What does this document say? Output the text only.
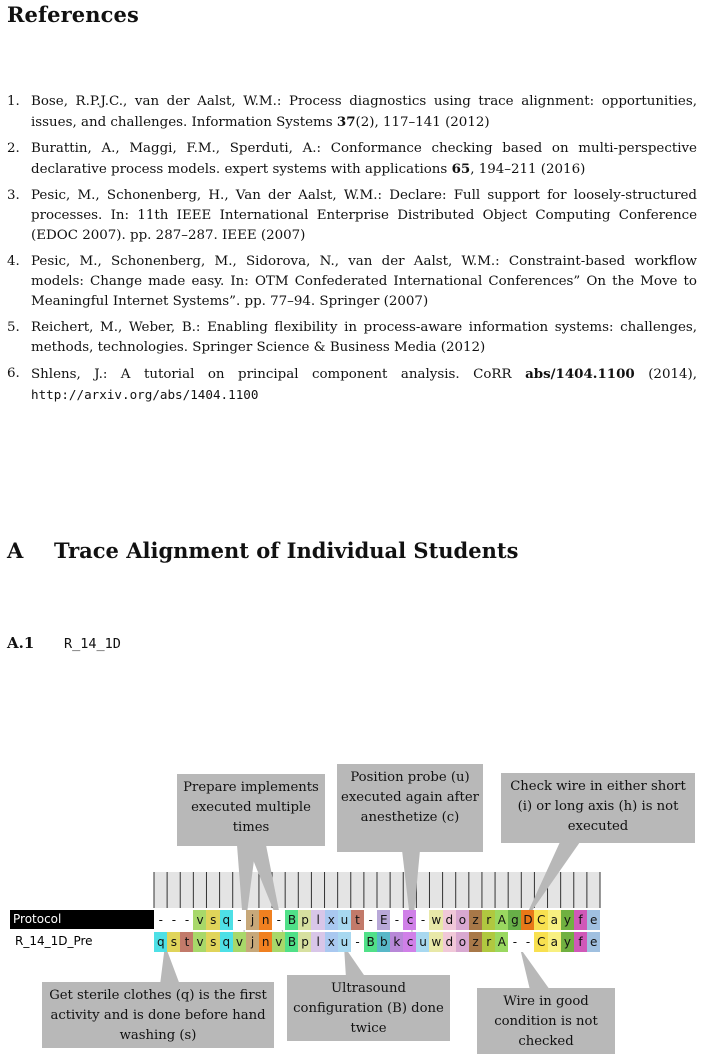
References
1. Bose, R.P.J.C., van der Aalst, W.M.: Process diagnostics using trace alignment: opportunities, issues, and challenges. Information Systems 37(2), 117–141 (2012)
2. Burattin, A., Maggi, F.M., Sperduti, A.: Conformance checking based on multi-perspective declarative process models. expert systems with applications 65, 194–211 (2016)
3. Pesic, M., Schonenberg, H., Van der Aalst, W.M.: Declare: Full support for loosely-structured processes. In: 11th IEEE International Enterprise Distributed Object Computing Conference (EDOC 2007). pp. 287–287. IEEE (2007)
4. Pesic, M., Schonenberg, M., Sidorova, N., van der Aalst, W.M.: Constraint-based workflow models: Change made easy. In: OTM Confederated International Conferences” On the Move to Meaningful Internet Systems”. pp. 77–94. Springer (2007)
5. Reichert, M., Weber, B.: Enabling flexibility in process-aware information systems: challenges, methods, technologies. Springer Science & Business Media (2012)
6. Shlens, J.: A tutorial on principal component analysis. CoRR abs/1404.1100 (2014), http://arxiv.org/abs/1404.1100
A Trace Alignment of Individual Students
A.1 R_14_1D
Protocol
R_14_1D_Pre
- - - v s q - j n - B p l x u t - E - c - w d o z r A g D C a y f e
q s t v s q v j n v B p l x u - B b k c u w d o z r A - - C a y f e
Prepare implements executed multiple times
Position probe (u) executed again after anesthetize (c)
Check wire in either short (i) or long axis (h) is not executed
Get sterile clothes (q) is the first activity and is done before hand washing (s)
Ultrasound configuration (B) done twice
Wire in good condition is not checked
